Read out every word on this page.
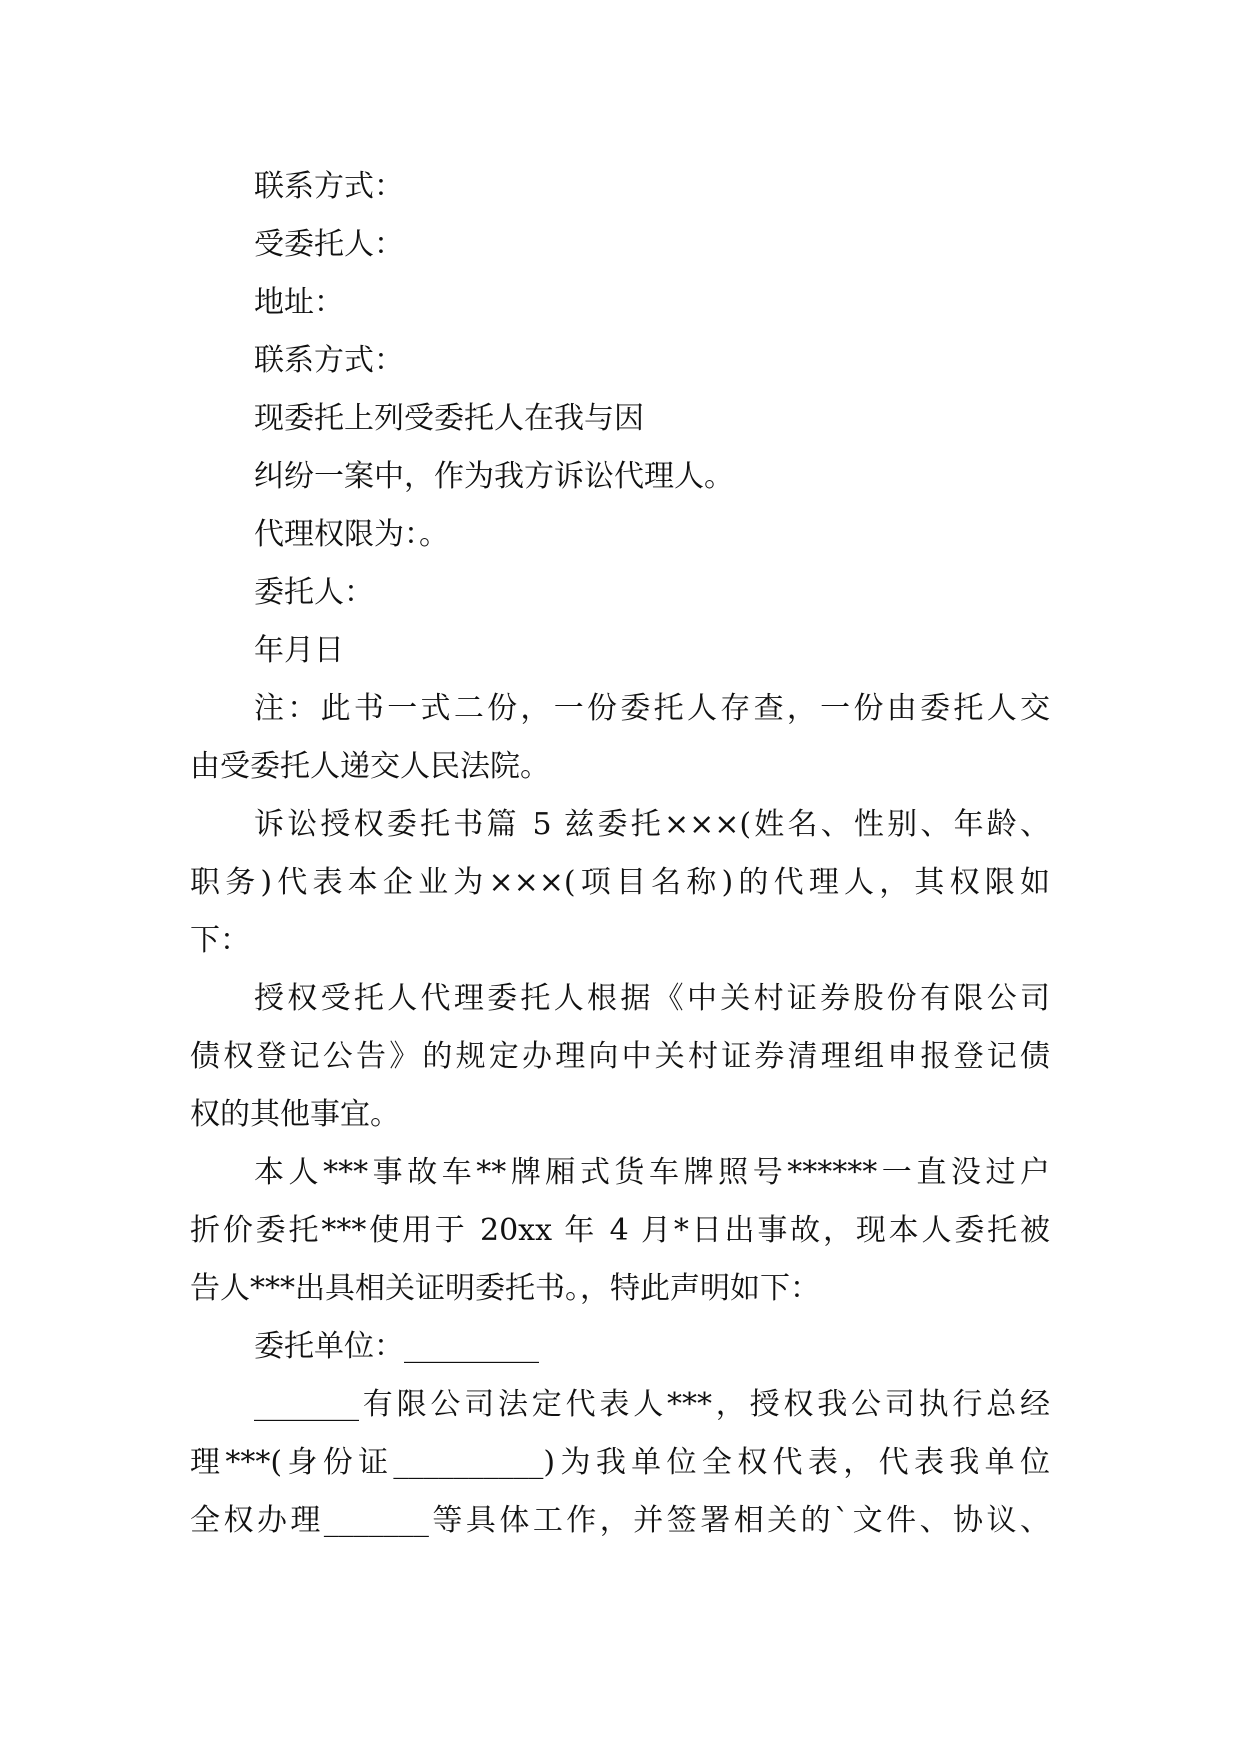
联系方式：
受委托人：
地址：
联系方式：
现委托上列受委托人在我与因
纠纷一案中，作为我方诉讼代理人。
代理权限为：。
委托人：
年月日
注：此书一式二份，一份委托人存查，一份由委托人交
由受委托人递交人民法院。
诉讼授权委托书篇 5 兹委托×××(姓名、性别、年龄、
职务)代表本企业为×××(项目名称)的代理人，其权限如
下：
授权受托人代理委托人根据《中关村证券股份有限公司
债权登记公告》的规定办理向中关村证券清理组申报登记债
权的其他事宜。
本人***事故车**牌厢式货车牌照号******一直没过户
折价委托***使用于 20xx 年 4 月*日出事故，现本人委托被
告人***出具相关证明委托书。，特此声明如下：
委托单位：_________
_______有限公司法定代表人***，授权我公司执行总经
理***(身份证__________)为我单位全权代表，代表我单位
全权办理_______等具体工作，并签署相关的`文件、协议、
